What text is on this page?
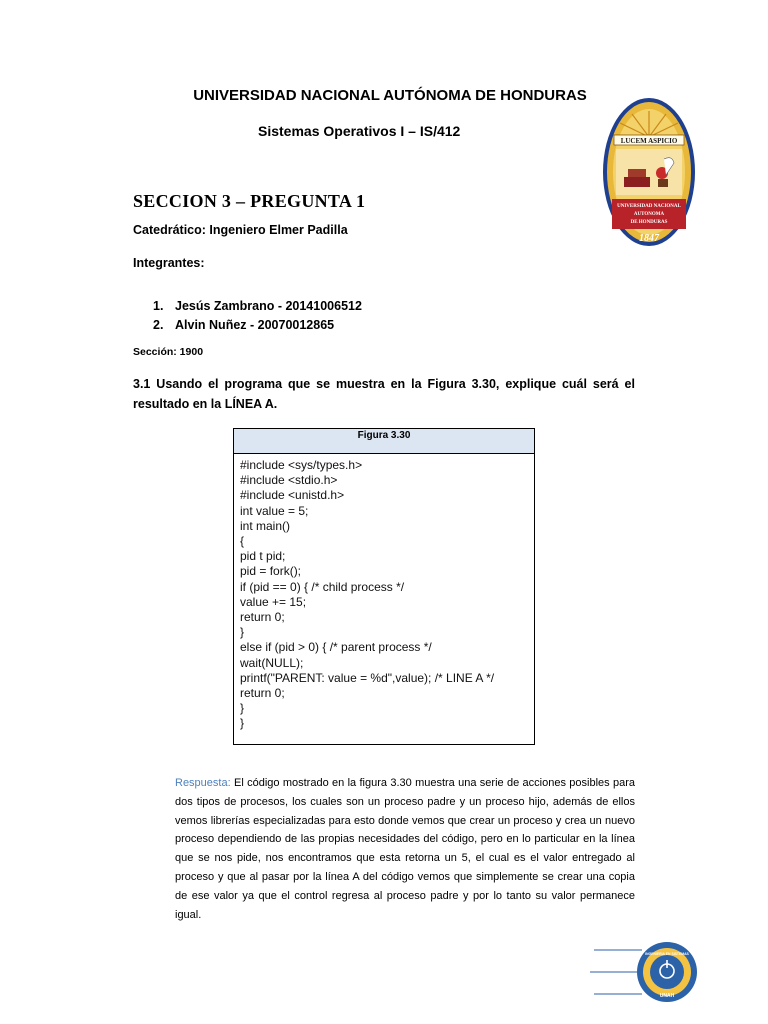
UNIVERSIDAD NACIONAL AUTÓNOMA DE HONDURAS
Sistemas Operativos I – IS/412
LUCEM ASPICIO
UNIVERSIDAD NACIONAL
AUTONOMA
DE HONDURAS
1847
SECCION 3 – PREGUNTA 1
Catedrático: Ingeniero Elmer Padilla
Integrantes:
1. Jesús Zambrano - 20141006512
2. Alvin Nuñez - 20070012865
Sección: 1900
3.1 Usando el programa que se muestra en la Figura 3.30, explique cuál será el resultado en la LÍNEA A.
Figura 3.30
#include <sys/types.h>
#include <stdio.h>
#include <unistd.h>
int value = 5;
int main()
{
pid t pid;
pid = fork();
if (pid == 0) { /* child process */
value += 15;
return 0;
}
else if (pid > 0) { /* parent process */
wait(NULL);
printf("PARENT: value = %d",value); /* LINE A */
return 0;
}
}
Respuesta: El código mostrado en la figura 3.30 muestra una serie de acciones posibles para dos tipos de procesos, los cuales son un proceso padre y un proceso hijo, además de ellos vemos librerías especializadas para esto donde vemos que crear un proceso y crea un nuevo proceso dependiendo de las propias necesidades del código, pero en lo particular en la línea que se nos pide, nos encontramos que esta retorna un 5, el cual es el valor entregado al proceso y que al pasar por la línea A del código vemos que simplemente se crear una copia de ese valor ya que el control regresa al proceso padre y por lo tanto su valor permanece igual.
INGENIERIA EN SISTEMAS
UNAH
